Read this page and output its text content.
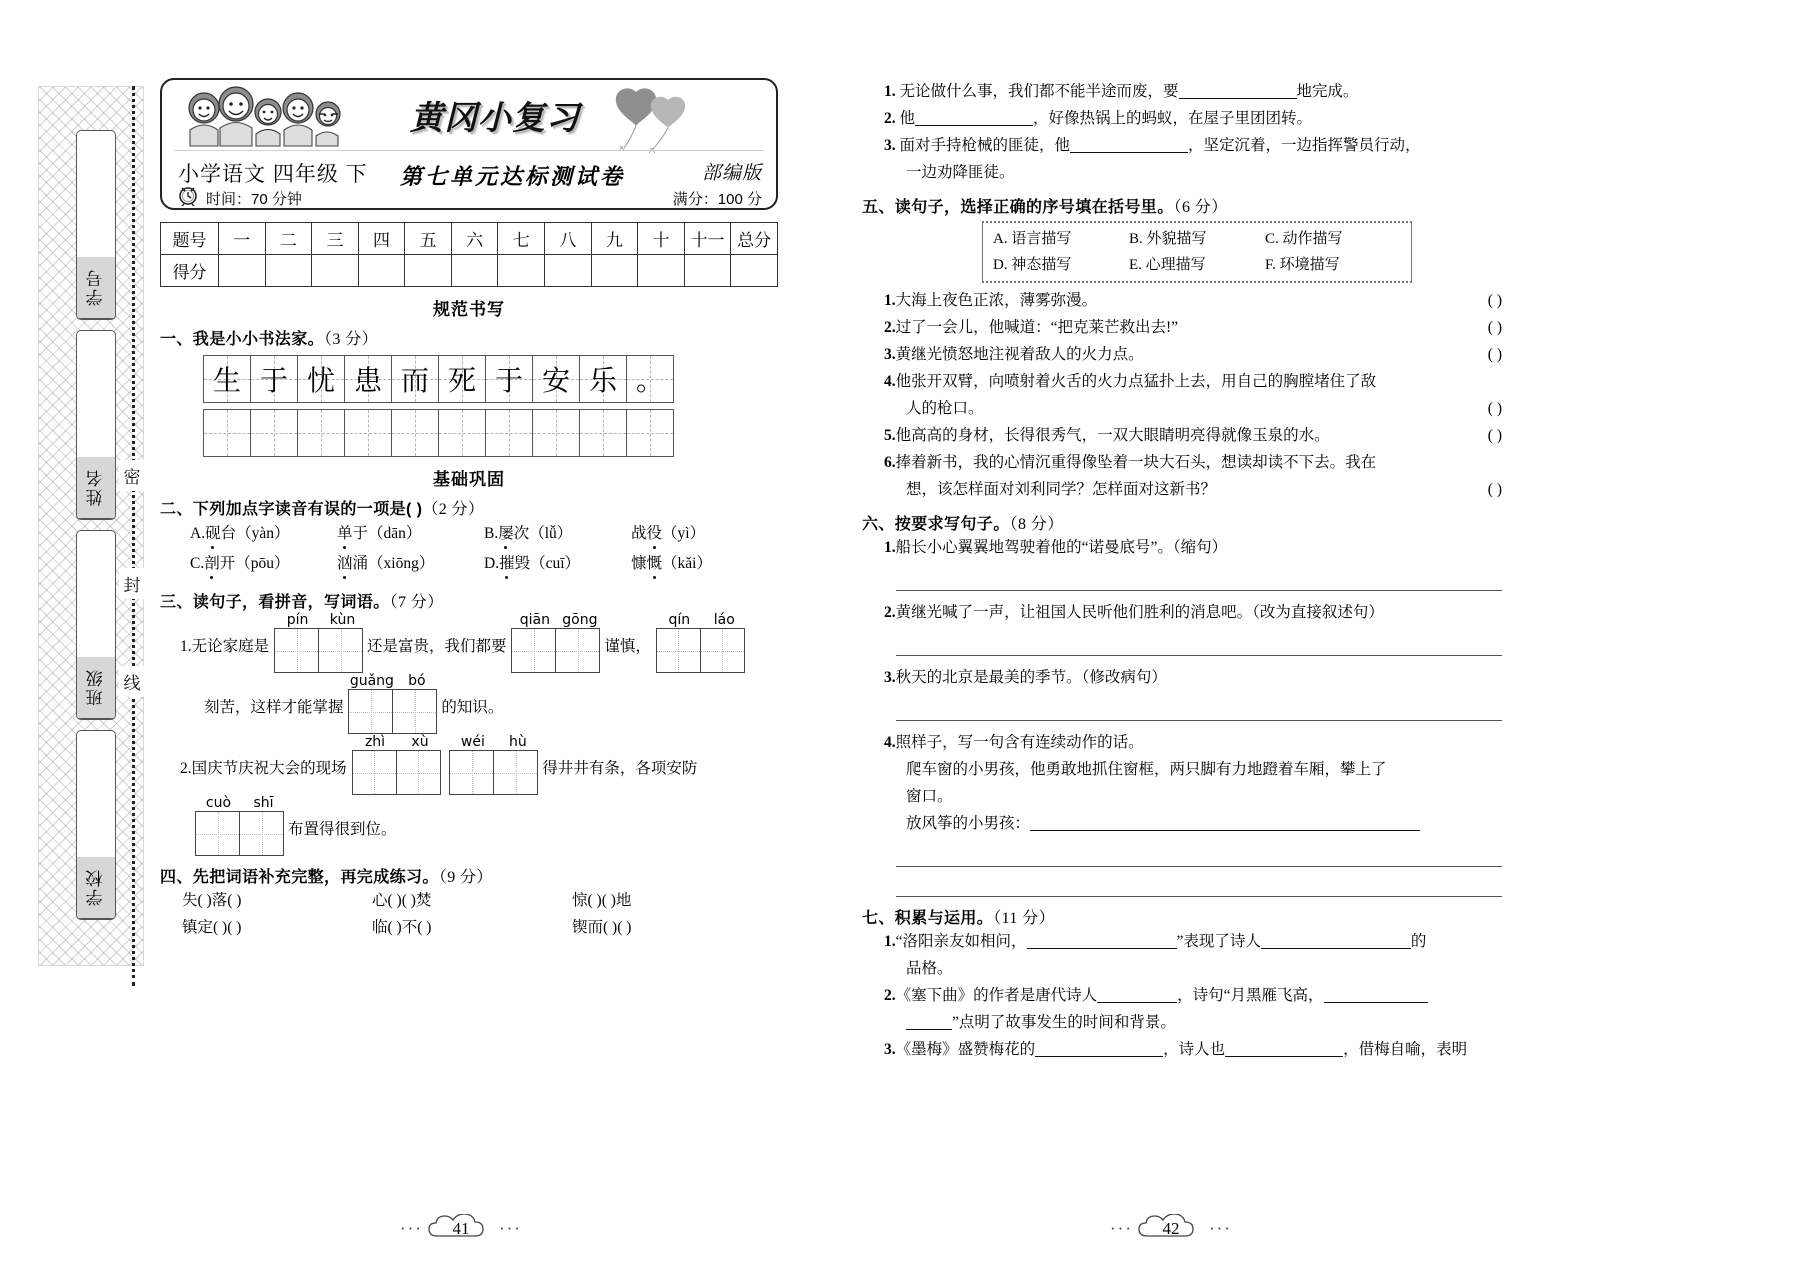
学号
姓名
班级
学校
密
封
线
黄冈小复习
小学语文 四年级 下 第七单元达标测试卷	部编版
时间：70 分钟	满分：100 分
题号	一	二	三	四	五	六	七	八	九	十	十一	总分
得分												
规范书写
一、我是小小书法家。（3 分）
生 于 忧 患 而 死 于 安 乐 。
基础巩固
二、下列加点字读音有误的一项是( )（2 分）
A.砚台（yàn）	单于（dān）	B.屡次（lǚ）	战役（yì）
C.剖开（pōu）	汹涌（xiōng）	D.摧毁（cuī）	慷慨（kǎi）
三、读句子，看拼音，写词语。（7 分）
1.无论家庭是
pín	kùn
还是富贵，我们都要
qiān gōng
谨慎，
qín	láo
刻苦，这样才能掌握
guǎng	bó
的知识。
2.国庆节庆祝大会的现场
zhì	xù
	wéi	hù
得井井有条，各项安防
cuò	shī
布置得很到位。
四、先把词语补充完整，再完成练习。（9 分）
失( )落( )	心( )( )焚	惊( )( )地
镇定( )( )	临( )不( )	锲而( )( )
1. 无论做什么事，我们都不能半途而废，要	地完成。
2. 他	，好像热锅上的蚂蚁，在屋子里团团转。
3. 面对手持枪械的匪徒，他	，坚定沉着，一边指挥警员行动，
一边劝降匪徒。
五、读句子，选择正确的序号填在括号里。（6 分）
A. 语言描写	B. 外貌描写	C. 动作描写
D. 神态描写	E. 心理描写	F. 环境描写
1.大海上夜色正浓，薄雾弥漫。	( )
2.过了一会儿，他喊道：“把克莱芒救出去!”	( )
3.黄继光愤怒地注视着敌人的火力点。	( )
4.他张开双臂，向喷射着火舌的火力点猛扑上去，用自己的胸膛堵住了敌
人的枪口。	( )
5.他高高的身材，长得很秀气，一双大眼睛明亮得就像玉泉的水。	( )
6.捧着新书，我的心情沉重得像坠着一块大石头，想读却读不下去。我在
想，该怎样面对刘利同学？怎样面对这新书？	( )
六、按要求写句子。（8 分）
1.船长小心翼翼地驾驶着他的“诺曼底号”。（缩句）
2.黄继光喊了一声，让祖国人民听他们胜利的消息吧。（改为直接叙述句）
3.秋天的北京是最美的季节。（修改病句）
4.照样子，写一句含有连续动作的话。
爬车窗的小男孩，他勇敢地抓住窗框，两只脚有力地蹬着车厢，攀上了
窗口。
放风筝的小男孩：
七、积累与运用。（11 分）
1.“洛阳亲友如相问，	”表现了诗人	的
品格。
2.《塞下曲》的作者是唐代诗人	，诗句“月黑雁飞高，
”点明了故事发生的时间和背景。
3.《墨梅》盛赞梅花的	，诗人也	，借梅自喻，表明
···	41	···	···	42	···
